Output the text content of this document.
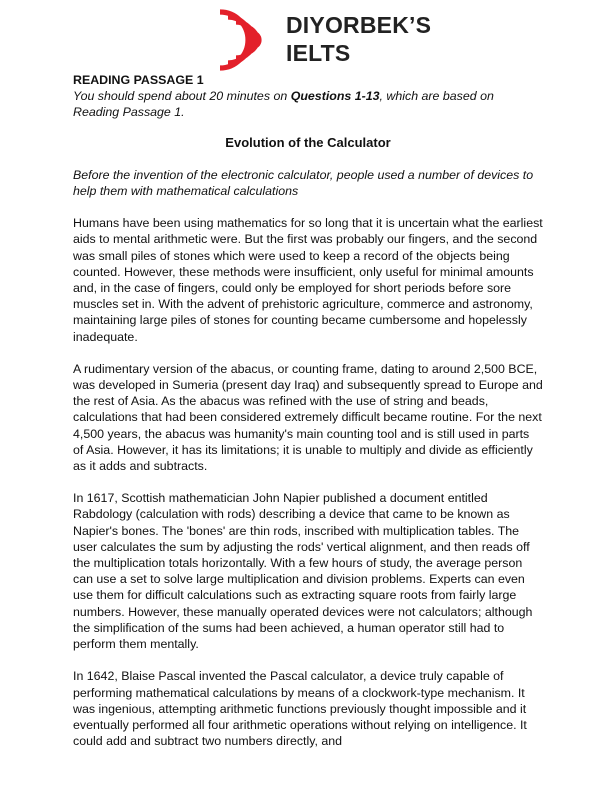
DIYORBEK’S
IELTS

READING PASSAGE 1

You should spend about 20 minutes on Questions 1-13, which are based on Reading Passage 1.

Evolution of the Calculator

Before the invention of the electronic calculator, people used a number of devices to help them with mathematical calculations

Humans have been using mathematics for so long that it is uncertain what the earliest aids to mental arithmetic were. But the first was probably our fingers, and the second was small piles of stones which were used to keep a record of the objects being counted. However, these methods were insufficient, only useful for minimal amounts and, in the case of fingers, could only be employed for short periods before sore muscles set in. With the advent of prehistoric agriculture, commerce and astronomy, maintaining large piles of stones for counting became cumbersome and hopelessly inadequate.

A rudimentary version of the abacus, or counting frame, dating to around 2,500 BCE, was developed in Sumeria (present day Iraq) and subsequently spread to Europe and the rest of Asia. As the abacus was refined with the use of string and beads, calculations that had been considered extremely difficult became routine. For the next 4,500 years, the abacus was humanity's main counting tool and is still used in parts of Asia. However, it has its limitations; it is unable to multiply and divide as efficiently as it adds and subtracts.

In 1617, Scottish mathematician John Napier published a document entitled Rabdology (calculation with rods) describing a device that came to be known as Napier's bones. The 'bones' are thin rods, inscribed with multiplication tables. The user calculates the sum by adjusting the rods' vertical alignment, and then reads off the multiplication totals horizontally. With a few hours of study, the average person can use a set to solve large multiplication and division problems. Experts can even use them for difficult calculations such as extracting square roots from fairly large numbers. However, these manually operated devices were not calculators; although the simplification of the sums had been achieved, a human operator still had to perform them mentally.

In 1642, Blaise Pascal invented the Pascal calculator, a device truly capable of performing mathematical calculations by means of a clockwork-type mechanism. It was ingenious, attempting arithmetic functions previously thought impossible and it eventually performed all four arithmetic operations without relying on intelligence. It could add and subtract two numbers directly, and
